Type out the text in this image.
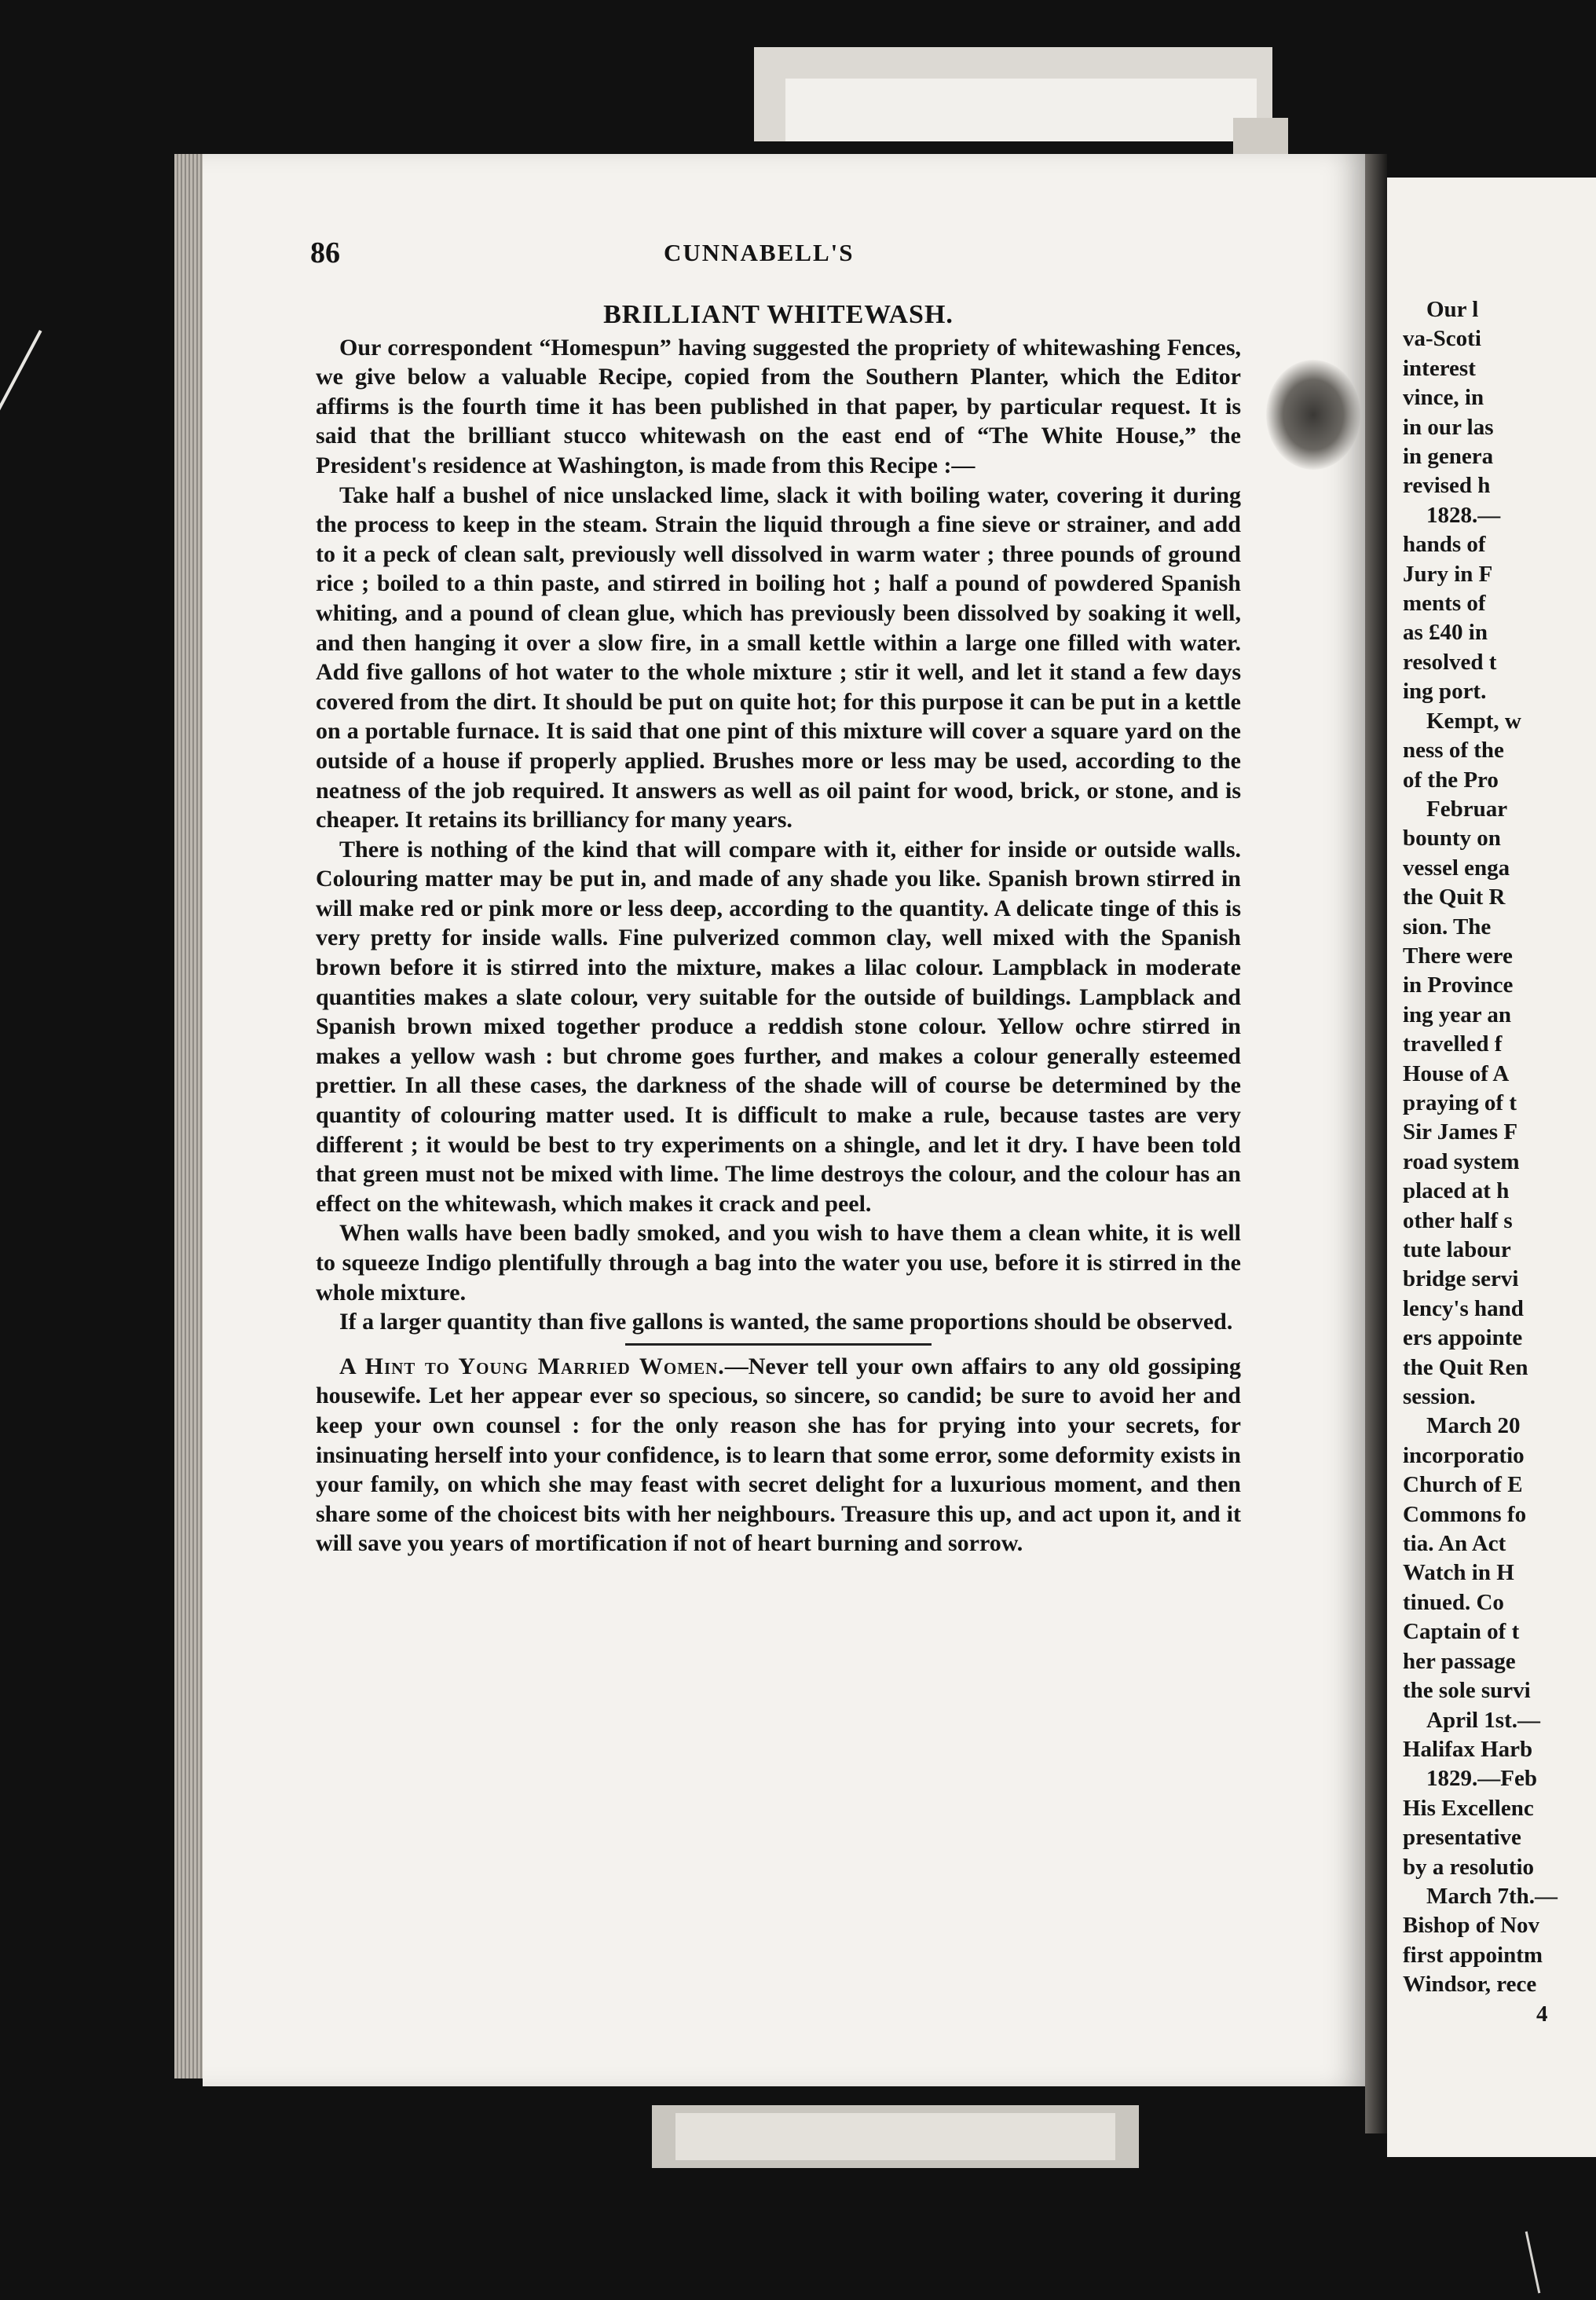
Our l
va-Scoti
interest
vince, in
in our las
in genera
revised h
1828.—
hands of
Jury in F
ments of
as £40 in
resolved t
ing port.
Kempt, w
ness of the
of the Pro
Februar
bounty on
vessel enga
the Quit R
sion. The
There were
in Province
ing year an
travelled f
House of A
praying of t
Sir James F
road system
placed at h
other half s
tute labour
bridge servi
lency's hand
ers appointe
the Quit Ren
session.
March 20
incorporatio
Church of E
Commons fo
tia. An Act
Watch in H
tinued. Co
Captain of t
her passage
the sole survi
April 1st.—
Halifax Harb
1829.—Feb
His Excellenc
presentative
by a resolutio
March 7th.—
Bishop of Nov
first appointm
Windsor, rece
4
86	CUNNABELL'S
BRILLIANT WHITEWASH.

Our correspondent “Homespun” having suggested the propriety of whitewashing Fences, we give below a valuable Recipe, copied from the Southern Planter, which the Editor affirms is the fourth time it has been published in that paper, by particular request. It is said that the brilliant stucco whitewash on the east end of “The White House,” the President's residence at Washington, is made from this Recipe :—

Take half a bushel of nice unslacked lime, slack it with boiling water, covering it during the process to keep in the steam. Strain the liquid through a fine sieve or strainer, and add to it a peck of clean salt, previously well dissolved in warm water ; three pounds of ground rice ; boiled to a thin paste, and stirred in boiling hot ; half a pound of powdered Spanish whiting, and a pound of clean glue, which has previously been dissolved by soaking it well, and then hanging it over a slow fire, in a small kettle within a large one filled with water. Add five gallons of hot water to the whole mixture ; stir it well, and let it stand a few days covered from the dirt. It should be put on quite hot; for this purpose it can be put in a kettle on a portable furnace. It is said that one pint of this mixture will cover a square yard on the outside of a house if properly applied. Brushes more or less may be used, according to the neatness of the job required. It answers as well as oil paint for wood, brick, or stone, and is cheaper. It retains its brilliancy for many years.

There is nothing of the kind that will compare with it, either for inside or outside walls. Colouring matter may be put in, and made of any shade you like. Spanish brown stirred in will make red or pink more or less deep, according to the quantity. A delicate tinge of this is very pretty for inside walls. Fine pulverized common clay, well mixed with the Spanish brown before it is stirred into the mixture, makes a lilac colour. Lampblack in moderate quantities makes a slate colour, very suitable for the outside of buildings. Lampblack and Spanish brown mixed together produce a reddish stone colour. Yellow ochre stirred in makes a yellow wash : but chrome goes further, and makes a colour generally esteemed prettier. In all these cases, the darkness of the shade will of course be determined by the quantity of colouring matter used. It is difficult to make a rule, because tastes are very different ; it would be best to try experiments on a shingle, and let it dry. I have been told that green must not be mixed with lime. The lime destroys the colour, and the colour has an effect on the whitewash, which makes it crack and peel.

When walls have been badly smoked, and you wish to have them a clean white, it is well to squeeze Indigo plentifully through a bag into the water you use, before it is stirred in the whole mixture.

If a larger quantity than five gallons is wanted, the same proportions should be observed.

A Hint to Young Married Women.—Never tell your own affairs to any old gossiping housewife. Let her appear ever so specious, so sincere, so candid; be sure to avoid her and keep your own counsel : for the only reason she has for prying into your secrets, for insinuating herself into your confidence, is to learn that some error, some deformity exists in your family, on which she may feast with secret delight for a luxurious moment, and then share some of the choicest bits with her neighbours. Treasure this up, and act upon it, and it will save you years of mortification if not of heart burning and sorrow.
